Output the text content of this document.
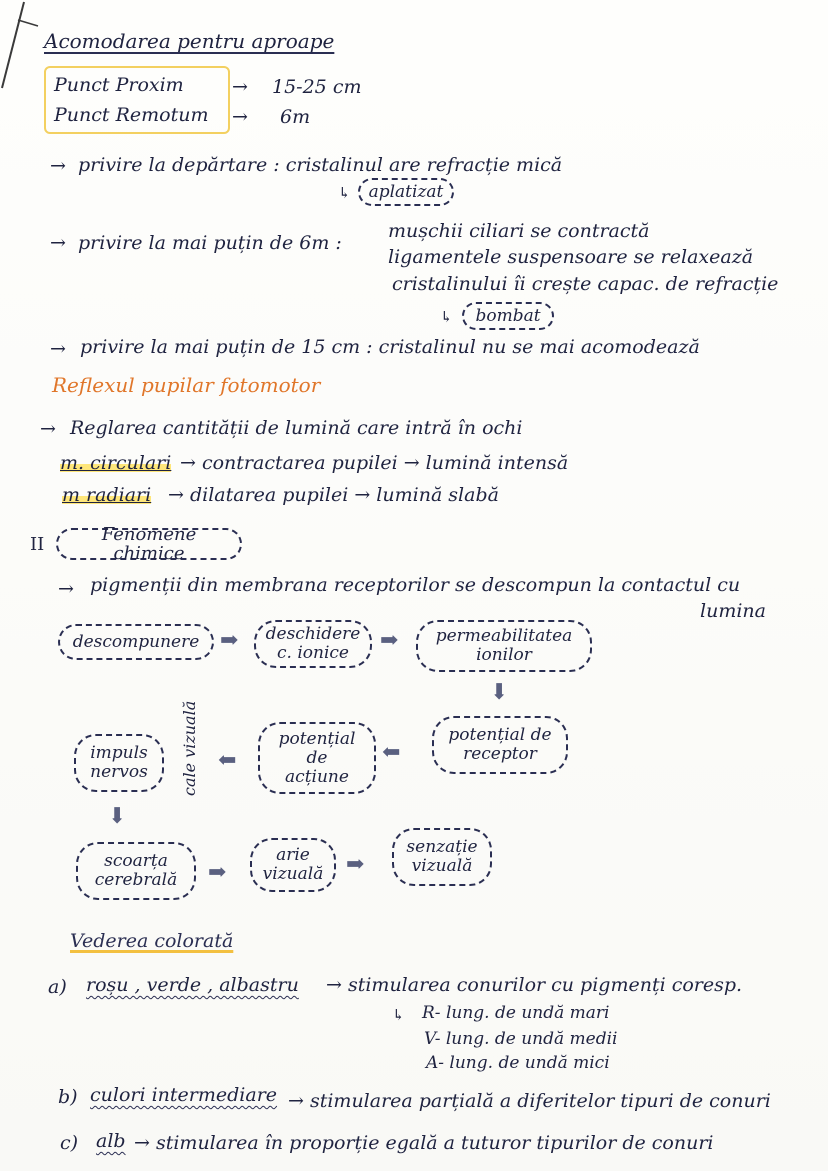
Acomodarea pentru aproape
Punct Proxim	→ 15-25 cm
Punct Remotum → 6m
→ privire la depărtare : cristalinul are refracție mică
↳	aplatizat
→ privire la mai puțin de 6m :
mușchii ciliari se contractă
ligamentele suspensoare se relaxează
cristalinului îi crește capac. de refracție
↳	bombat
→ privire la mai puțin de 15 cm : cristalinul nu se mai acomodează
Reflexul pupilar fotomotor
→ Reglarea cantității de lumină care intră în ochi
m. circulari → contractarea pupilei → lumină intensă
m radiari → dilatarea pupilei → lumină slabă
II	Fenomene chimice
→ pigmenții din membrana receptorilor se descompun la contactul cu
lumina
descompunere ➡	deschidere
c. ionice	➡	permeabilitatea
ionilor
⬇
potențial de
receptor
⬅
potențial
de
acțiune
⬅
cale vizuală
impuls
nervos
⬇
scoarța
cerebrală	➡
arie
vizuală	➡
senzație
vizuală
Vederea colorată
a) roșu , verde , albastru → stimularea conurilor cu pigmenți coresp.
↳ R- lung. de undă mari
V- lung. de undă medii
A- lung. de undă mici
b) culori intermediare → stimularea parțială a diferitelor tipuri de conuri
c) alb → stimularea în proporție egală a tuturor tipurilor de conuri
